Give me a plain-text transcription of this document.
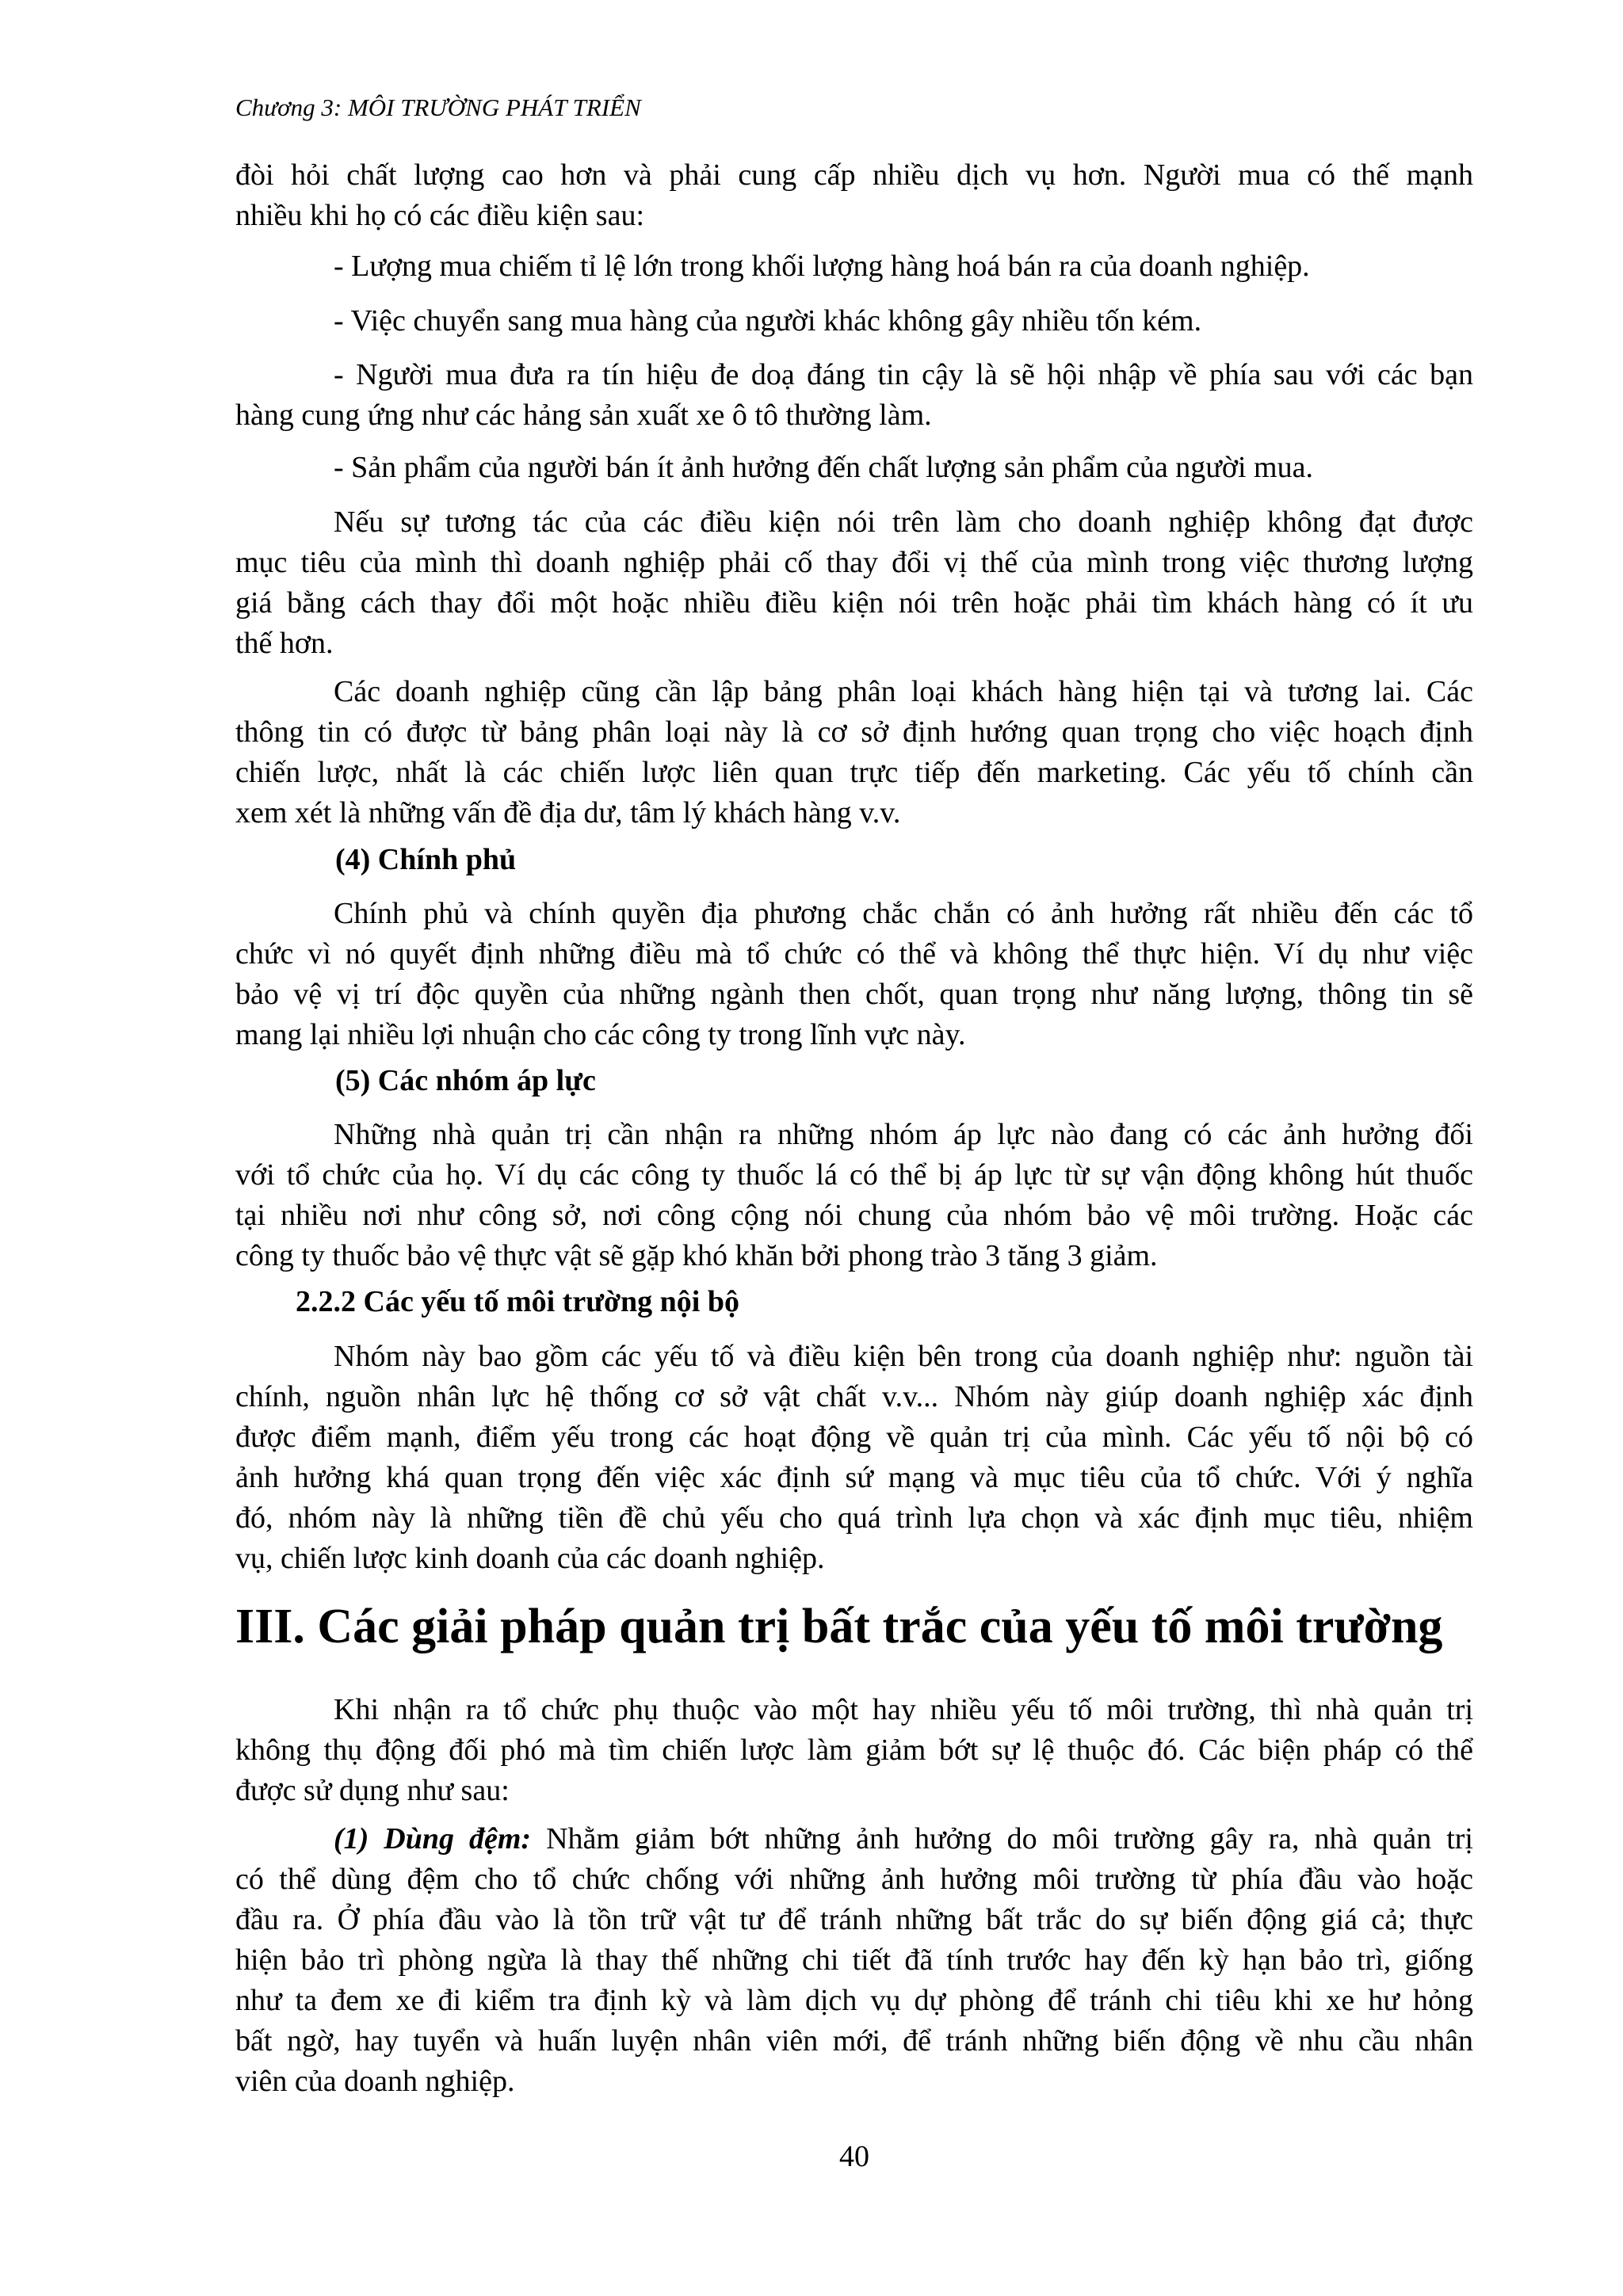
Chương 3: MÔI TRƯỜNG PHÁT TRIỂN
đòi hỏi chất lượng cao hơn và phải cung cấp nhiều dịch vụ hơn. Người mua có thế mạnh
nhiều khi họ có các điều kiện sau:
- Lượng mua chiếm tỉ lệ lớn trong khối lượng hàng hoá bán ra của doanh nghiệp.
- Việc chuyển sang mua hàng của người khác không gây nhiều tốn kém.
- Người mua đưa ra tín hiệu đe doạ đáng tin cậy là sẽ hội nhập về phía sau với các bạn
hàng cung ứng như các hảng sản xuất xe ô tô thường làm.
- Sản phẩm của người bán ít ảnh hưởng đến chất lượng sản phẩm của người mua.
Nếu sự tương tác của các điều kiện nói trên làm cho doanh nghiệp không đạt được
mục tiêu của mình thì doanh nghiệp phải cố thay đổi vị thế của mình trong việc thương lượng
giá bằng cách thay đổi một hoặc nhiều điều kiện nói trên hoặc phải tìm khách hàng có ít ưu
thế hơn.
Các doanh nghiệp cũng cần lập bảng phân loại khách hàng hiện tại và tương lai. Các
thông tin có được từ bảng phân loại này là cơ sở định hướng quan trọng cho việc hoạch định
chiến lược, nhất là các chiến lược liên quan trực tiếp đến marketing. Các yếu tố chính cần
xem xét là những vấn đề địa dư, tâm lý khách hàng v.v.
(4) Chính phủ
Chính phủ và chính quyền địa phương chắc chắn có ảnh hưởng rất nhiều đến các tổ
chức vì nó quyết định những điều mà tổ chức có thể và không thể thực hiện. Ví dụ như việc
bảo vệ vị trí độc quyền của những ngành then chốt, quan trọng như năng lượng, thông tin sẽ
mang lại nhiều lợi nhuận cho các công ty trong lĩnh vực này.
(5) Các nhóm áp lực
Những nhà quản trị cần nhận ra những nhóm áp lực nào đang có các ảnh hưởng đối
với tổ chức của họ. Ví dụ các công ty thuốc lá có thể bị áp lực từ sự vận động không hút thuốc
tại nhiều nơi như công sở, nơi công cộng nói chung của nhóm bảo vệ môi trường. Hoặc các
công ty thuốc bảo vệ thực vật sẽ gặp khó khăn bởi phong trào 3 tăng 3 giảm.
2.2.2 Các yếu tố môi trường nội bộ
Nhóm này bao gồm các yếu tố và điều kiện bên trong của doanh nghiệp như: nguồn tài
chính, nguồn nhân lực hệ thống cơ sở vật chất v.v... Nhóm này giúp doanh nghiệp xác định
được điểm mạnh, điểm yếu trong các hoạt động về quản trị của mình. Các yếu tố nội bộ có
ảnh hưởng khá quan trọng đến việc xác định sứ mạng và mục tiêu của tổ chức. Với ý nghĩa
đó, nhóm này là những tiền đề chủ yếu cho quá trình lựa chọn và xác định mục tiêu, nhiệm
vụ, chiến lược kinh doanh của các doanh nghiệp.
III. Các giải pháp quản trị bất trắc của yếu tố môi trường
Khi nhận ra tổ chức phụ thuộc vào một hay nhiều yếu tố môi trường, thì nhà quản trị
không thụ động đối phó mà tìm chiến lược làm giảm bớt sự lệ thuộc đó. Các biện pháp có thể
được sử dụng như sau:
(1) Dùng đệm: Nhằm giảm bớt những ảnh hưởng do môi trường gây ra, nhà quản trị
có thể dùng đệm cho tổ chức chống với những ảnh hưởng môi trường từ phía đầu vào hoặc
đầu ra. Ở phía đầu vào là tồn trữ vật tư để tránh những bất trắc do sự biến động giá cả; thực
hiện bảo trì phòng ngừa là thay thế những chi tiết đã tính trước hay đến kỳ hạn bảo trì, giống
như ta đem xe đi kiểm tra định kỳ và làm dịch vụ dự phòng để tránh chi tiêu khi xe hư hỏng
bất ngờ, hay tuyển và huấn luyện nhân viên mới, để tránh những biến động về nhu cầu nhân
viên của doanh nghiệp.
40
